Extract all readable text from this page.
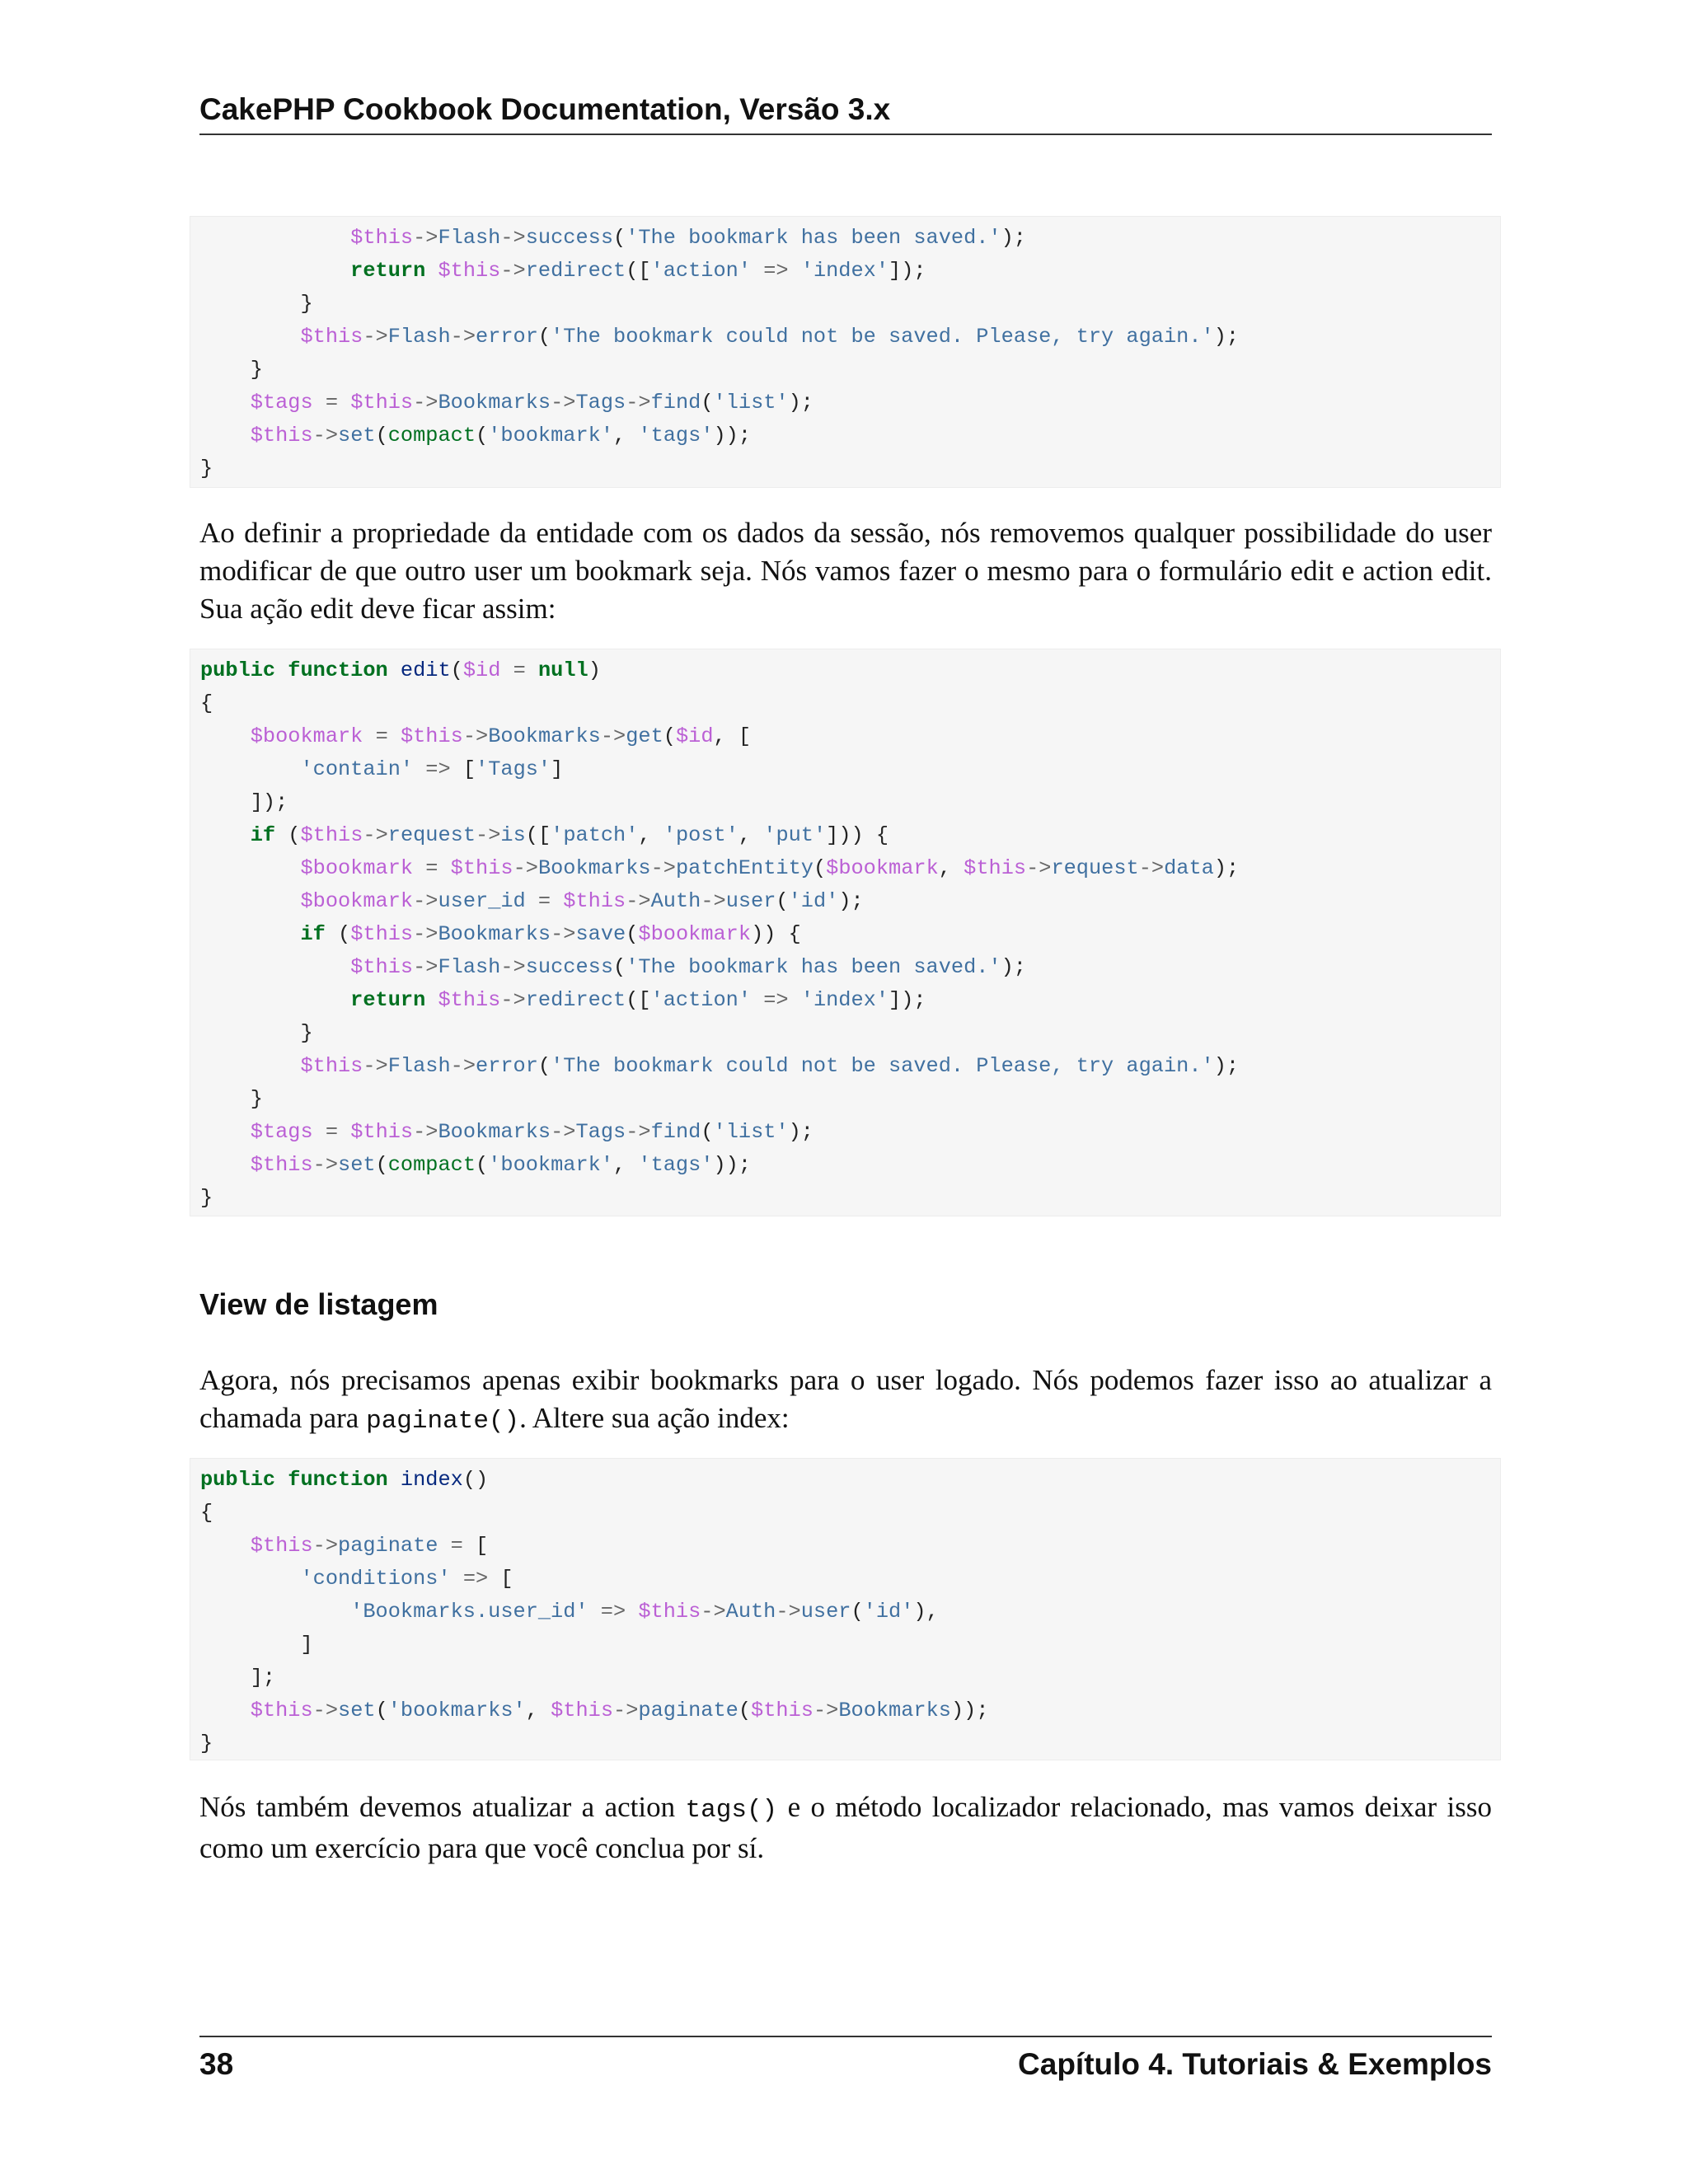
CakePHP Cookbook Documentation, Versão 3.x
$this->Flash->success('The bookmark has been saved.');
return $this->redirect(['action' => 'index']);
}
$this->Flash->error('The bookmark could not be saved. Please, try again.');
}
$tags = $this->Bookmarks->Tags->find('list');
$this->set(compact('bookmark', 'tags'));
}
Ao definir a propriedade da entidade com os dados da sessão, nós removemos qualquer possibilidade do user modificar de que outro user um bookmark seja. Nós vamos fazer o mesmo para o formulário edit e action edit. Sua ação edit deve ficar assim:
public function edit($id = null)
{
$bookmark = $this->Bookmarks->get($id, [
'contain' => ['Tags']
]);
if ($this->request->is(['patch', 'post', 'put'])) {
$bookmark = $this->Bookmarks->patchEntity($bookmark, $this->request->data);
$bookmark->user_id = $this->Auth->user('id');
if ($this->Bookmarks->save($bookmark)) {
$this->Flash->success('The bookmark has been saved.');
return $this->redirect(['action' => 'index']);
}
$this->Flash->error('The bookmark could not be saved. Please, try again.');
}
$tags = $this->Bookmarks->Tags->find('list');
$this->set(compact('bookmark', 'tags'));
}
View de listagem
Agora, nós precisamos apenas exibir bookmarks para o user logado. Nós podemos fazer isso ao atualizar a chamada para paginate(). Altere sua ação index:
public function index()
{
$this->paginate = [
'conditions' => [
'Bookmarks.user_id' => $this->Auth->user('id'),
]
];
$this->set('bookmarks', $this->paginate($this->Bookmarks));
}
Nós também devemos atualizar a action tags() e o método localizador relacionado, mas vamos deixar isso como um exercício para que você conclua por sí.
38	Capítulo 4. Tutoriais & Exemplos
